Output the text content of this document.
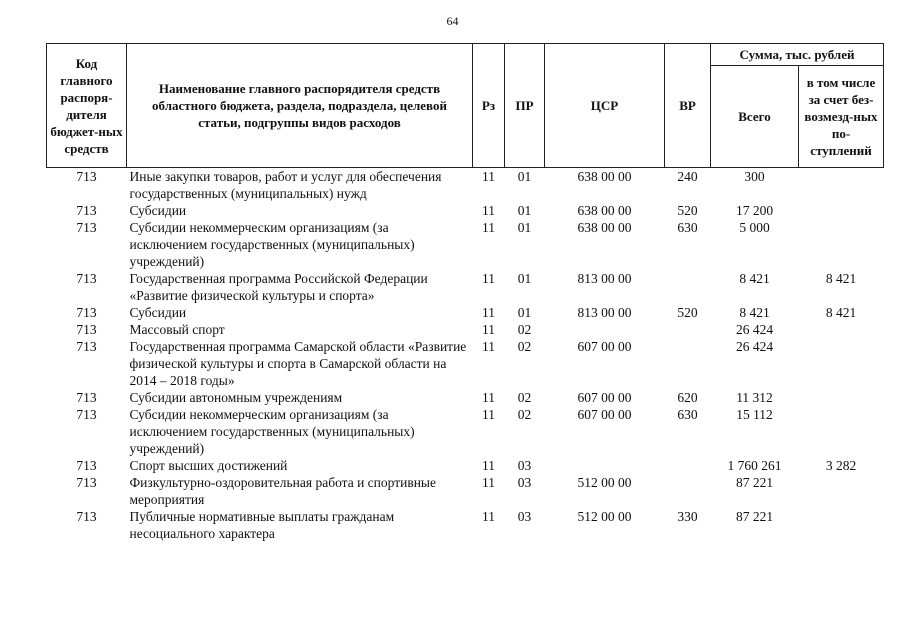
64
Код главного распоря-дителя бюджет-ных средств	Наименование главного распорядителя средств областного бюджета, раздела, подраздела, целевой статьи, подгруппы видов расходов	Рз	ПР	ЦСР	ВР	Сумма, тыс. рублей	
						Всего	в том числе за счет без-возмезд-ных по-ступлений
713	Иные закупки товаров, работ и услуг для обеспечения государственных (муниципальных) нужд	11	01	638 00 00	240	300	
713	Субсидии	11	01	638 00 00	520	17 200	
713	Субсидии некоммерческим организациям (за исключением государственных (муниципальных) учреждений)	11	01	638 00 00	630	5 000	
713	Государственная программа Российской Федерации «Развитие физической культуры и спорта»	11	01	813 00 00		8 421	8 421
713	Субсидии	11	01	813 00 00	520	8 421	8 421
713	Массовый спорт	11	02			26 424	
713	Государственная программа Самарской области «Развитие физической культуры и спорта в Самарской области на 2014 – 2018 годы»	11	02	607 00 00		26 424	
713	Субсидии автономным учреждениям	11	02	607 00 00	620	11 312	
713	Субсидии некоммерческим организациям (за исключением государственных (муниципальных) учреждений)	11	02	607 00 00	630	15 112	
713	Спорт высших достижений	11	03			1 760 261	3 282
713	Физкультурно-оздоровительная работа и спортивные мероприятия	11	03	512 00 00		87 221	
713	Публичные нормативные выплаты гражданам несоциального характера	11	03	512 00 00	330	87 221	
